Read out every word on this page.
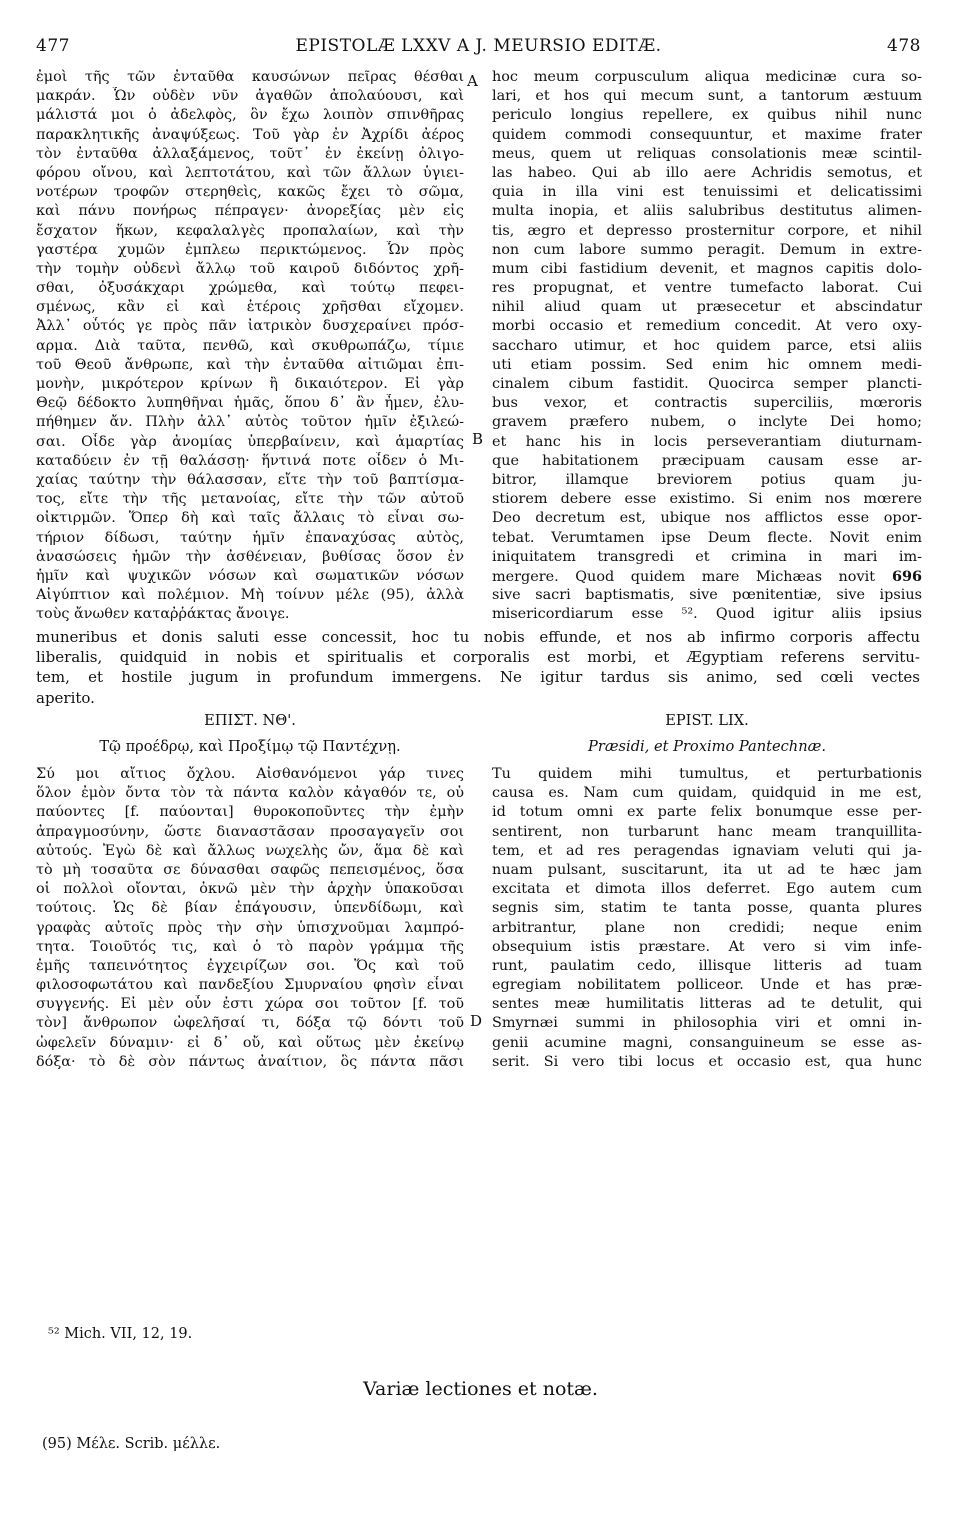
477	EPISTOLÆ LXXV A J. MEURSIO EDITÆ.	478
ἐμοὶ τῆς τῶν ἐνταῦθα καυσώνων πεῖρας θέσθαι
μακράν. Ὧν οὐδὲν νῦν ἀγαθῶν ἀπολαύουσι, καὶ
μάλιστά μοι ὁ ἀδελφὸς, ὃν ἔχω λοιπὸν σπινθῆρας
παρακλητικῆς ἀναψύξεως. Τοῦ γὰρ ἐν Ἀχρίδι ἀέρος
τὸν ἐνταῦθα ἀλλαξάμενος, τοῦτ᾽ ἐν ἐκείνῃ ὀλιγο-
φόρου οἴνου, καὶ λεπτοτάτου, καὶ τῶν ἄλλων ὑγιει-
νοτέρων τροφῶν στερηθεὶς, κακῶς ἔχει τὸ σῶμα,
καὶ πάνυ πονήρως πέπραγεν· ἀνορεξίας μὲν εἰς
ἔσχατον ἥκων, κεφαλαλγὲς προπαλαίων, καὶ τὴν
γαστέρα χυμῶν ἐμπλεω περικτώμενος. Ὧν πρὸς
τὴν τομὴν οὐδενὶ ἄλλῳ τοῦ καιροῦ διδόντος χρῆ-
σθαι, ὀξυσάκχαρι χρώμεθα, καὶ τούτῳ πεφει-
σμένως, κἂν εἰ καὶ ἑτέροις χρῆσθαι εἴχομεν.
Ἀλλ᾽ οὗτός γε πρὸς πᾶν ἰατρικὸν δυσχεραίνει πρόσ-
αρμα. Διὰ ταῦτα, πενθῶ, καὶ σκυθρωπάζω, τίμιε
τοῦ Θεοῦ ἄνθρωπε, καὶ τὴν ἐνταῦθα αἰτιῶμαι ἐπι-
μονὴν, μικρότερον κρίνων ἢ δικαιότερον. Εἰ γὰρ
Θεῷ δέδοκτο λυπηθῆναι ἡμᾶς, ὅπου δ᾽ ἂν ἦμεν, ἐλυ-
πήθημεν ἄν. Πλὴν ἀλλ᾽ αὐτὸς τοῦτον ἡμῖν ἐξιλεώ-
σαι. Οἶδε γὰρ ἀνομίας ὑπερβαίνειν, καὶ ἁμαρτίας
καταδύειν ἐν τῇ θαλάσσῃ· ἥντινά ποτε οἶδεν ὁ Μι-
χαίας ταύτην τὴν θάλασσαν, εἴτε τὴν τοῦ βαπτίσμα-
τος, εἴτε τὴν τῆς μετανοίας, εἴτε τὴν τῶν αὐτοῦ
οἰκτιρμῶν. Ὅπερ δὴ καὶ ταῖς ἄλλαις τὸ εἶναι σω-
τήριον δίδωσι, ταύτην ἡμῖν ἐπαναχύσας αὐτὸς,
ἀνασώσεις ἡμῶν τὴν ἀσθένειαν, βυθίσας ὅσον ἐν
ἡμῖν καὶ ψυχικῶν νόσων καὶ σωματικῶν νόσων
Αἰγύπτιον καὶ πολέμιον. Μὴ τοίνυν μέλε (95), ἀλλὰ
τοὺς ἄνωθεν καταῤῥάκτας ἄνοιγε.
A hoc meum corpusculum aliqua medicinæ cura so-
lari, et hos qui mecum sunt, a tantorum æstuum
periculo longius repellere, ex quibus nihil nunc
quidem commodi consequuntur, et maxime frater
meus, quem ut reliquas consolationis meæ scintil-
las habeo. Qui ab illo aere Achridis semotus, et
quia in illa vini est tenuissimi et delicatissimi
multa inopia, et aliis salubribus destitutus alimen-
tis, ægro et depresso prosternitur corpore, et nihil
non cum labore summo peragit. Demum in extre-
mum cibi fastidium devenit, et magnos capitis dolo-
res propugnat, et ventre tumefacto laborat. Cui
nihil aliud quam ut præsecetur et abscindatur
morbi occasio et remedium concedit. At vero oxy-
saccharo utimur, et hoc quidem parce, etsi aliis
uti etiam possim. Sed enim hic omnem medi-
cinalem cibum fastidit. Quocirca semper plancti-
bus vexor, et contractis superciliis, mœroris
gravem præfero nubem, o inclyte Dei homo;
et hanc his in locis perseverantiam diuturnam-
que habitationem præcipuam causam esse ar-
bitror, illamque breviorem potius quam ju-
stiorem debere esse existimo. Si enim nos mœrere
Deo decretum est, ubique nos afflictos esse opor-
tebat. Verumtamen ipse Deum flecte. Novit enim
iniquitatem transgredi et crimina in mari im-
mergere. Quod quidem mare Michæas novit 696
sive sacri baptismatis, sive pœnitentiæ, sive ipsius
misericordiarum esse ⁵². Quod igitur aliis ipsius
B
muneribus et donis saluti esse concessit, hoc tu nobis effunde, et nos ab infirmo corporis affectu
liberalis, quidquid in nobis et spiritualis et corporalis est morbi, et Ægyptiam referens servitu-
tem, et hostile jugum in profundum immergens. Ne igitur tardus sis animo, sed cœli vectes
aperito.
ΕΠΙΣΤ. ΝΘ'.
Τῷ προέδρῳ, καὶ Προξίμῳ τῷ Παντέχνῃ.
EPIST. LIX.
Præsidi, et Proximo Pantechnæ.
Σύ μοι αἴτιος ὄχλου. Αἰσθανόμενοι γάρ τινες
ὅλον ἐμὸν ὄντα τὸν τὰ πάντα καλὸν κἀγαθόν τε, οὐ
παύοντες [f. παύονται] θυροκοποῦντες τὴν ἐμὴν
ἀπραγμοσύνην, ὥστε διαναστᾶσαν προσαγαγεῖν σοι
αὐτούς. Ἐγὼ δὲ καὶ ἄλλως νωχελὴς ὤν, ἅμα δὲ καὶ
τὸ μὴ τοσαῦτα σε δύνασθαι σαφῶς πεπεισμένος, ὅσα
οἱ πολλοὶ οἴονται, ὀκνῶ μὲν τὴν ἀρχὴν ὑπακοῦσαι
τούτοις. Ὡς δὲ βίαν ἐπάγουσιν, ὑπενδίδωμι, καὶ
γραφὰς αὐτοῖς πρὸς τὴν σὴν ὑπισχνοῦμαι λαμπρό-
τητα. Τοιοῦτός τις, καὶ ὁ τὸ παρὸν γράμμα τῆς
ἐμῆς ταπεινότητος ἐγχειρίζων σοι. Ὅς καὶ τοῦ
φιλοσοφωτάτου καὶ πανδεξίου Σμυρναίου φησὶν εἶναι
συγγενής. Εἰ μὲν οὖν ἐστι χώρα σοι τοῦτον [f. τοῦ
τὸν] ἄνθρωπον ὠφελῆσαί τι, δόξα τῷ δόντι τοῦ
ὠφελεῖν δύναμιν· εἰ δ᾽ οὔ, καὶ οὕτως μὲν ἐκείνῳ
δόξα· τὸ δὲ σὸν πάντως ἀναίτιον, ὃς πάντα πᾶσι
Tu quidem mihi tumultus, et perturbationis
causa es. Nam cum quidam, quidquid in me est,
id totum omni ex parte felix bonumque esse per-
sentirent, non turbarunt hanc meam tranquillita-
tem, et ad res peragendas ignaviam veluti qui ja-
nuam pulsant, suscitarunt, ita ut ad te hæc jam
excitata et dimota illos deferret. Ego autem cum
segnis sim, statim te tanta posse, quanta plures
arbitrantur, plane non credidi; neque enim
obsequium istis præstare. At vero si vim infe-
runt, paulatim cedo, illisque litteris ad tuam
egregiam nobilitatem polliceor. Unde et has præ-
sentes meæ humilitatis litteras ad te detulit, qui
Smyrnæi summi in philosophia viri et omni in-
genii acumine magni, consanguineum se esse as-
serit. Si vero tibi locus et occasio est, qua hunc
D
⁵² Mich. VII, 12, 19.
Variæ lectiones et notæ.
(95) Μέλε. Scrib. μέλλε.
